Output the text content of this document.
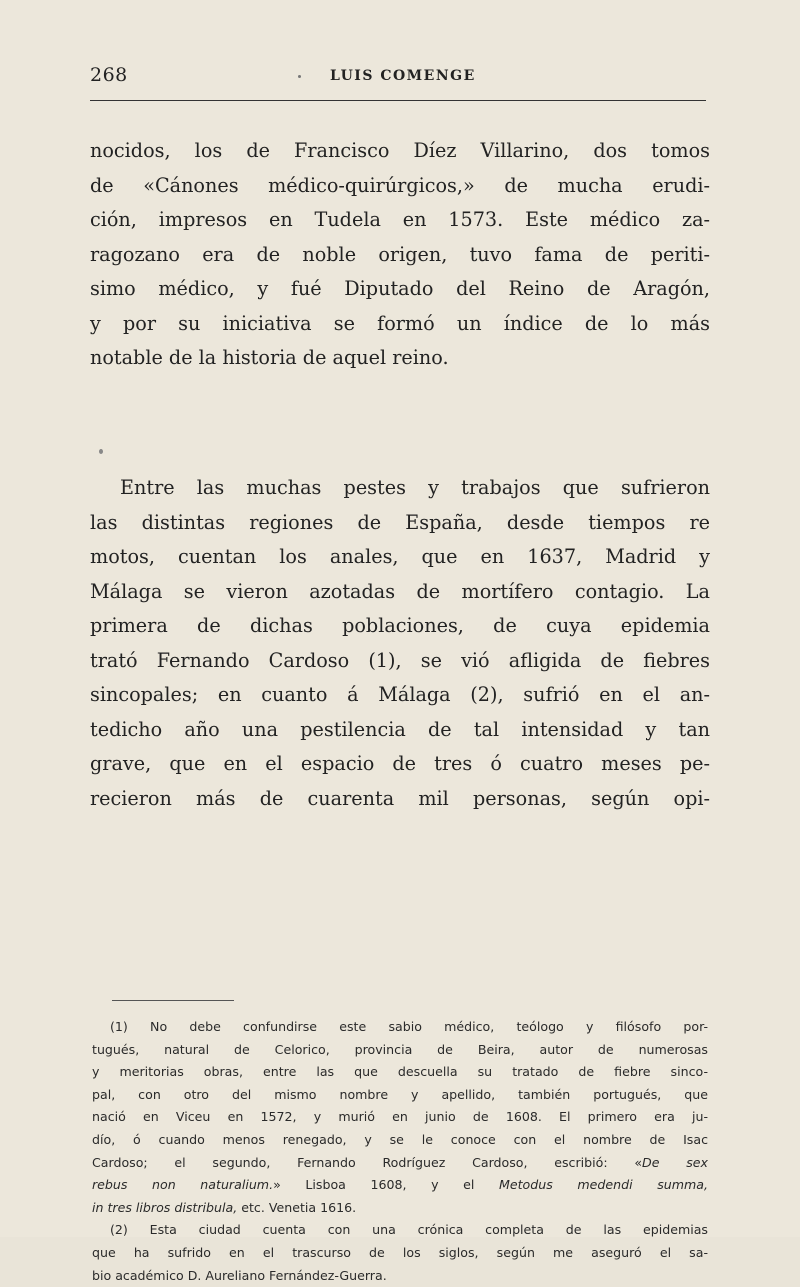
268	LUIS COMENGE
nocidos, los de Francisco Díez Villarino, dos tomos
de «Cánones médico-quirúrgicos,» de mucha erudi-
ción, impresos en Tudela en 1573. Este médico za-
ragozano era de noble origen, tuvo fama de periti-
simo médico, y fué Diputado del Reino de Aragón,
y por su iniciativa se formó un índice de lo más
notable de la historia de aquel reino.
Entre las muchas pestes y trabajos que sufrieron
las distintas regiones de España, desde tiempos re
motos, cuentan los anales, que en 1637, Madrid y
Málaga se vieron azotadas de mortífero contagio. La
primera de dichas poblaciones, de cuya epidemia
trató Fernando Cardoso (1), se vió afligida de fiebres
sincopales; en cuanto á Málaga (2), sufrió en el an-
tedicho año una pestilencia de tal intensidad y tan
grave, que en el espacio de tres ó cuatro meses pe-
recieron más de cuarenta mil personas, según opi-
(1) No debe confundirse este sabio médico, teólogo y filósofo por-
tugués, natural de Celorico, provincia de Beira, autor de numerosas
y meritorias obras, entre las que descuella su tratado de fiebre sinco-
pal, con otro del mismo nombre y apellido, también portugués, que
nació en Viceu en 1572, y murió en junio de 1608. El primero era ju-
dío, ó cuando menos renegado, y se le conoce con el nombre de Isac
Cardoso; el segundo, Fernando Rodríguez Cardoso, escribió: «De sex
rebus non naturalium.» Lisboa 1608, y el Metodus medendi summa,
in tres libros distribula, etc. Venetia 1616.
(2) Esta ciudad cuenta con una crónica completa de las epidemias
que ha sufrido en el trascurso de los siglos, según me aseguró el sa-
bio académico D. Aureliano Fernández-Guerra.
